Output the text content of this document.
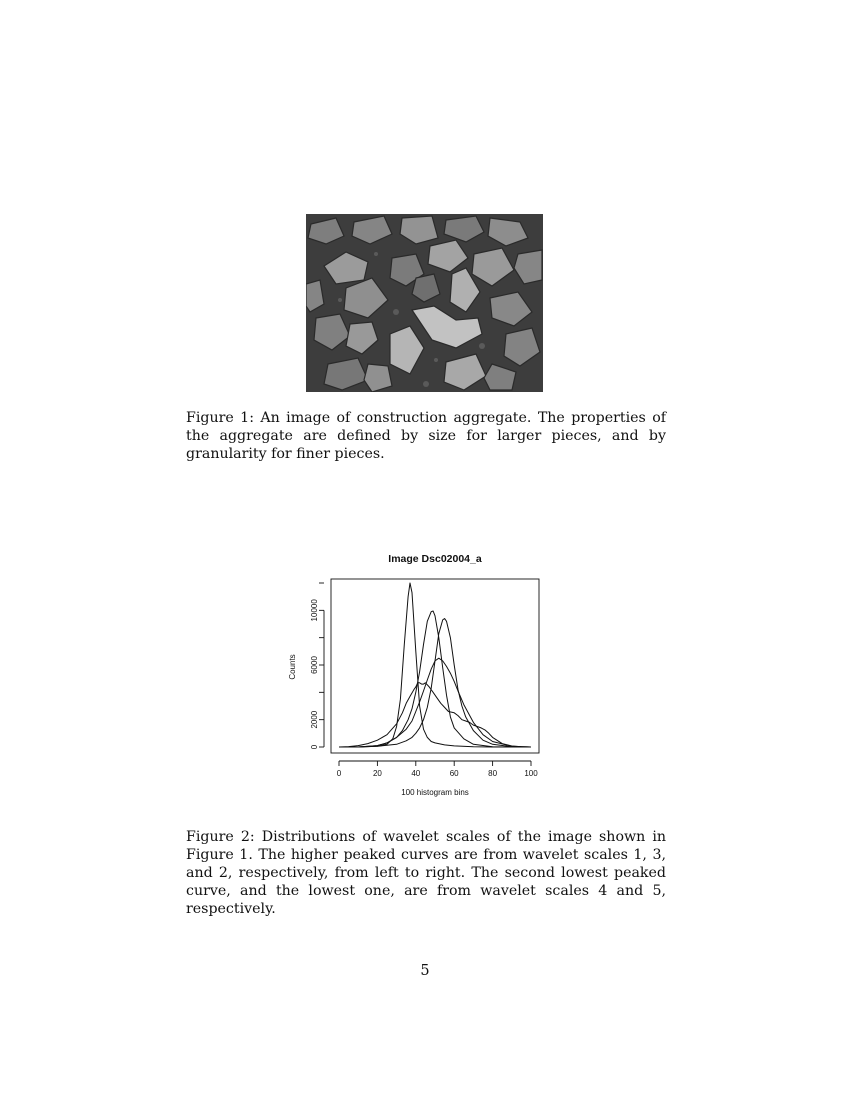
Figure 1: An image of construction aggregate. The properties of the aggregate are defined by size for larger pieces, and by granularity for finer pieces.

Image Dsc02004_a
0	20	40	60	80	100
0
2000
6000
10000
100 histogram bins
Counts

Figure 2: Distributions of wavelet scales of the image shown in Figure 1. The higher peaked curves are from wavelet scales 1, 3, and 2, respectively, from left to right. The second lowest peaked curve, and the lowest one, are from wavelet scales 4 and 5, respectively.

5
